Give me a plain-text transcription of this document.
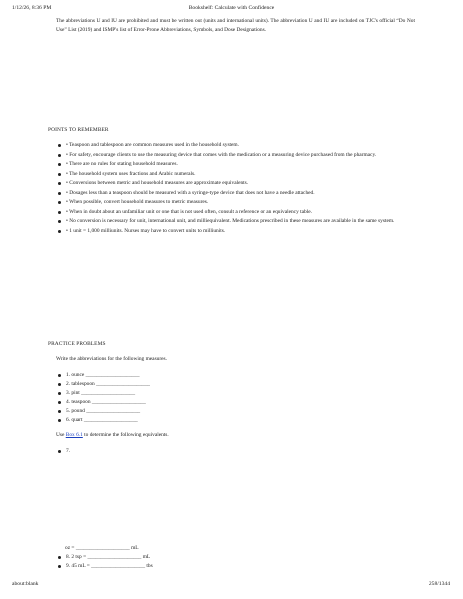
1/12/26, 8:36 PM	Bookshelf: Calculate with Confidence

The abbreviations U and IU are prohibited and must be written out (units and international units). The abbreviation U and IU are included on TJC's official “Do Not Use” List (2019) and ISMP's list of Error-Prone Abbreviations, Symbols, and Dose Designations.

POINTS TO REMEMBER
• Teaspoon and tablespoon are common measures used in the household system.
• For safety, encourage clients to use the measuring device that comes with the medication or a measuring device purchased from the pharmacy.
• There are no rules for stating household measures.
• The household system uses fractions and Arabic numerals.
• Conversions between metric and household measures are approximate equivalents.
• Dosages less than a teaspoon should be measured with a syringe-type device that does not have a needle attached.
• When possible, convert household measures to metric measures.
• When in doubt about an unfamiliar unit or one that is not used often, consult a reference or an equivalency table.
• No conversion is necessary for unit, international unit, and milliequivalent. Medications prescribed in these measures are available in the same system.
• 1 unit = 1,000 milliunits. Nurses may have to convert units to milliunits.
PRACTICE PROBLEMS
Write the abbreviations for the following measures.
1. ounce ____________________
2. tablespoon ____________________
3. pint ____________________
4. teaspoon ____________________
5. pound ____________________
6. quart ____________________
Use Box 6.1 to determine the following equivalents.
7.
oz = ____________________ mL
8. 2 tsp = ____________________ mL
9. 45 mL = ____________________ tbs
about:blank	258/1344
